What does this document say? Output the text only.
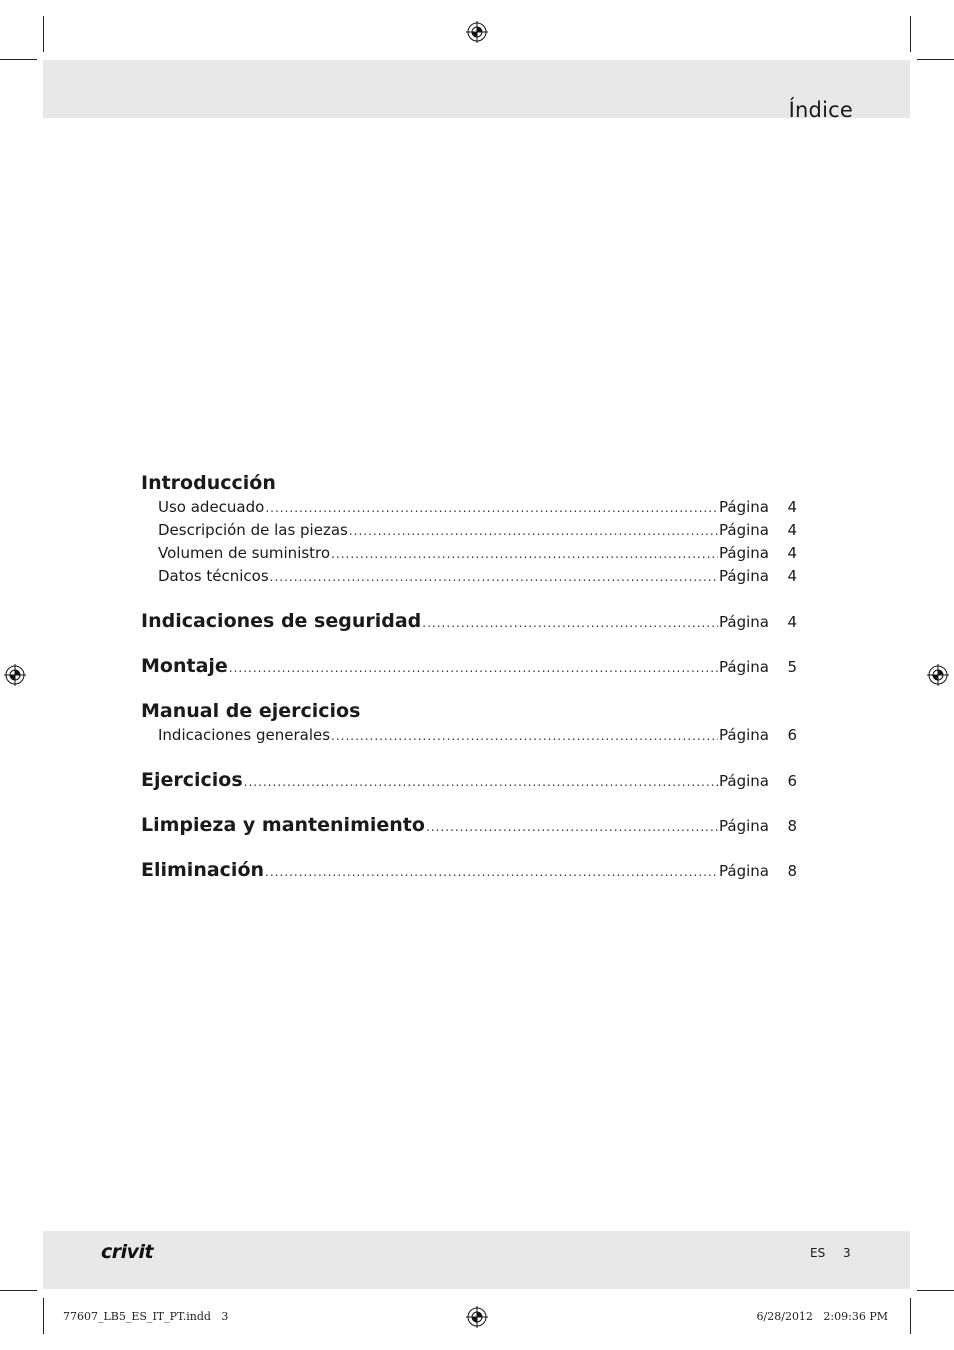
Índice
Introducción
Uso adecuado .....	Página	4
Descripción de las piezas .....	Página	4
Volumen de suministro .....	Página	4
Datos técnicos .....	Página	4
Indicaciones de seguridad .....	Página	4
Montaje .....	Página	5
Manual de ejercicios
Indicaciones generales .....	Página	6
Ejercicios .....	Página	6
Limpieza y mantenimiento .....	Página	8
Eliminación .....	Página	8
crivit	ES 3
77607_LB5_ES_IT_PT.indd   3	6/28/2012   2:09:36 PM
